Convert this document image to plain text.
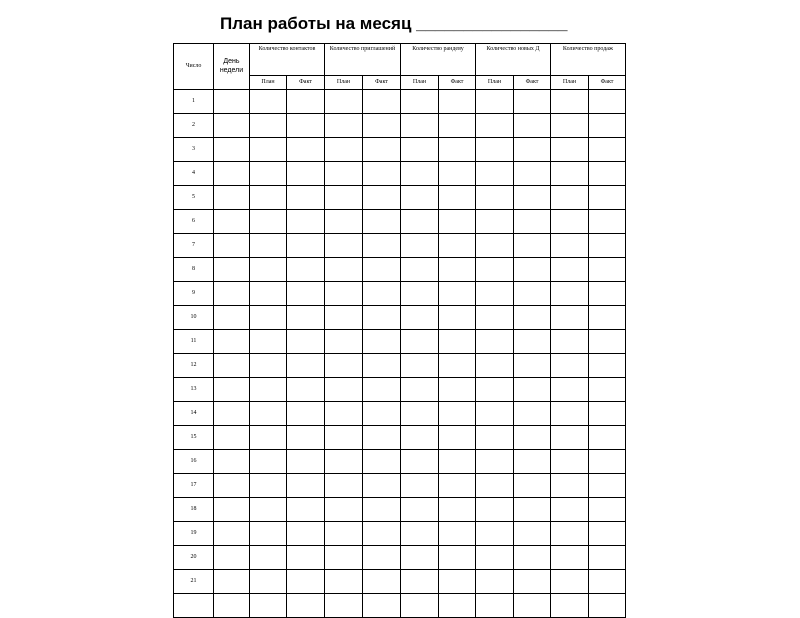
План работы на месяц ________________
Число	День недели	Количество контактов		Количество приглашений		Количество рандеву		Количество новых Д		Количество продаж	
		План	Факт	План	Факт	План	Факт	План	Факт	План	Факт
1											
2											
3											
4											
5											
6											
7											
8											
9											
10											
11											
12											
13											
14											
15											
16											
17											
18											
19											
20											
21											
